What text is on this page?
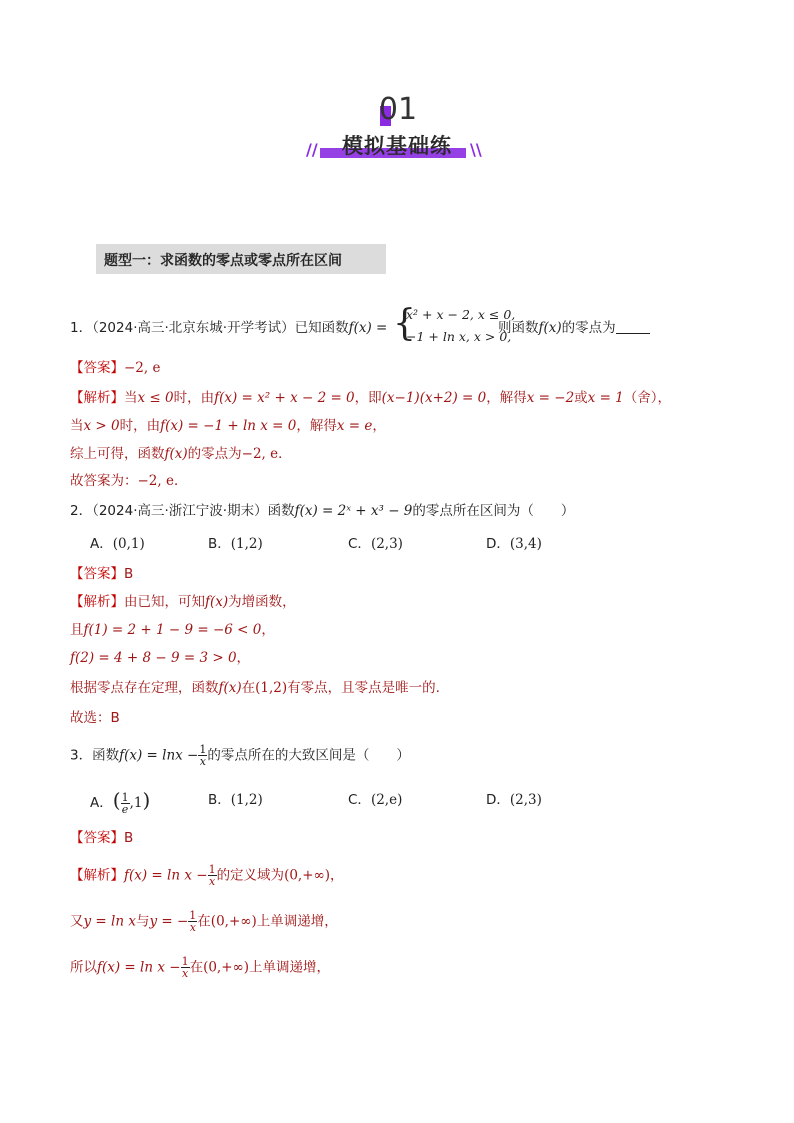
01
//	模拟基础练	\\
题型一：求函数的零点或零点所在区间
1．（2024·高三·北京东城·开学考试）已知函数f(x) = {
x² + x − 2, x ≤ 0,
−1 + ln x, x > 0,
则函数f(x)的零点为
【答案】−2, e
【解析】当x ≤ 0时，由f(x) = x² + x − 2 = 0，即(x−1)(x+2) = 0，解得x = −2或x = 1（舍），
当x > 0时，由f(x) = −1 + ln x = 0，解得x = e，
综上可得，函数f(x)的零点为−2, e．
故答案为：−2, e．
2．（2024·高三·浙江宁波·期末）函数f(x) = 2ˣ + x³ − 9的零点所在区间为（　　）
A．(0,1)	B．(1,2)	C．(2,3)	D．(3,4)
【答案】B
【解析】由已知，可知f(x)为增函数，
且f(1) = 2 + 1 − 9 = −6 < 0，
f(2) = 4 + 8 − 9 = 3 > 0，
根据零点存在定理，函数f(x)在(1,2)有零点，且零点是唯一的.
故选：B
3．函数$f(x) = \ln x - \frac{1}{x}$ 的零点所在的大致区间是（　　）
A．( $\frac{1}{e} ,1$)	B．(1,2)	C．(2,e)	D．(2,3)
【答案】B
【解析】$f(x) = \ln x - \frac{1}{x}$ 的定义域为(0,+∞)，
又y = ln x与y = − $\frac{1}{x}$ 在(0,+∞)上单调递增，
所以$f(x) = \ln x - \frac{1}{x}$ 在(0,+∞)上单调递增，
